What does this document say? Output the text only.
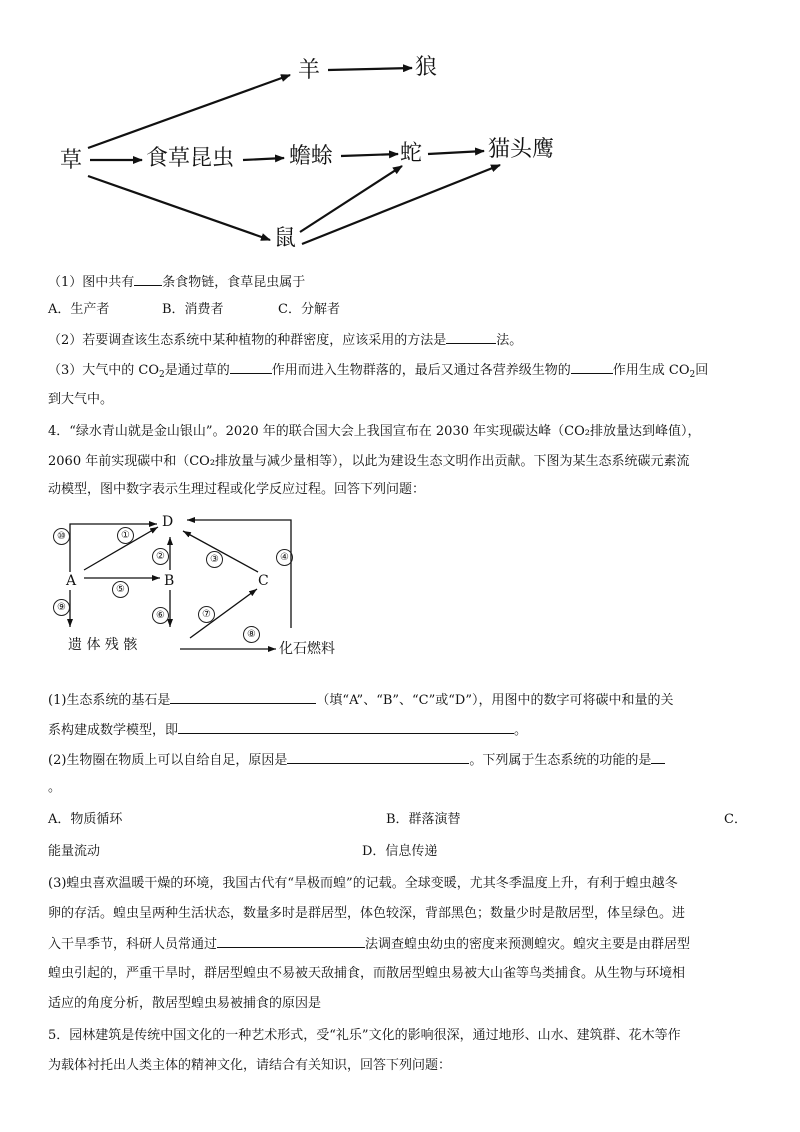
草	食草昆虫 蟾蜍
羊	狼
蛇	猫头鹰
鼠
（1）图中共有 条食物链，食草昆虫属于
A．生产者	B．消费者	C．分解者
（2）若要调查该生态系统中某种植物的种群密度，应该采用的方法是	法。
（3）大气中的 $CO_2$是通过草的	作用而进入生物群落的，最后又通过各营养级生物的	作用生成 $CO_2$回
到大气中。
4．“绿水青山就是金山银山”。2020 年的联合国大会上我国宣布在 2030 年实现碳达峰（CO₂排放量达到峰值），
2060 年前实现碳中和（CO₂排放量与减少量相等），以此为建设生态文明作出贡献。下图为某生态系统碳元素流
动模型，图中数字表示生理过程或化学反应过程。回答下列问题：
D
A	B	C
遗 体 残 骸	化石燃料
⑩	①
②	③	④
⑤
⑥	⑦
⑧
⑨
(1)生态系统的基石是	（填“A”、“B”、“C”或“D”），用图中的数字可将碳中和量的关
系构建成数学模型，即	。
(2)生物圈在物质上可以自给自足，原因是	。下列属于生态系统的功能的是
。
A．物质循环	B．群落演替	C．
能量流动	D．信息传递
(3)蝗虫喜欢温暖干燥的环境，我国古代有“旱极而蝗”的记载。全球变暖，尤其冬季温度上升，有利于蝗虫越冬
卵的存活。蝗虫呈两种生活状态，数量多时是群居型，体色较深，背部黑色；数量少时是散居型，体呈绿色。进
入干旱季节，科研人员常通过	法调查蝗虫幼虫的密度来预测蝗灾。蝗灾主要是由群居型
蝗虫引起的，严重干旱时，群居型蝗虫不易被天敌捕食，而散居型蝗虫易被大山雀等鸟类捕食。从生物与环境相
适应的角度分析，散居型蝗虫易被捕食的原因是
5．园林建筑是传统中国文化的一种艺术形式，受“礼乐”文化的影响很深，通过地形、山水、建筑群、花木等作
为载体衬托出人类主体的精神文化，请结合有关知识，回答下列问题：
